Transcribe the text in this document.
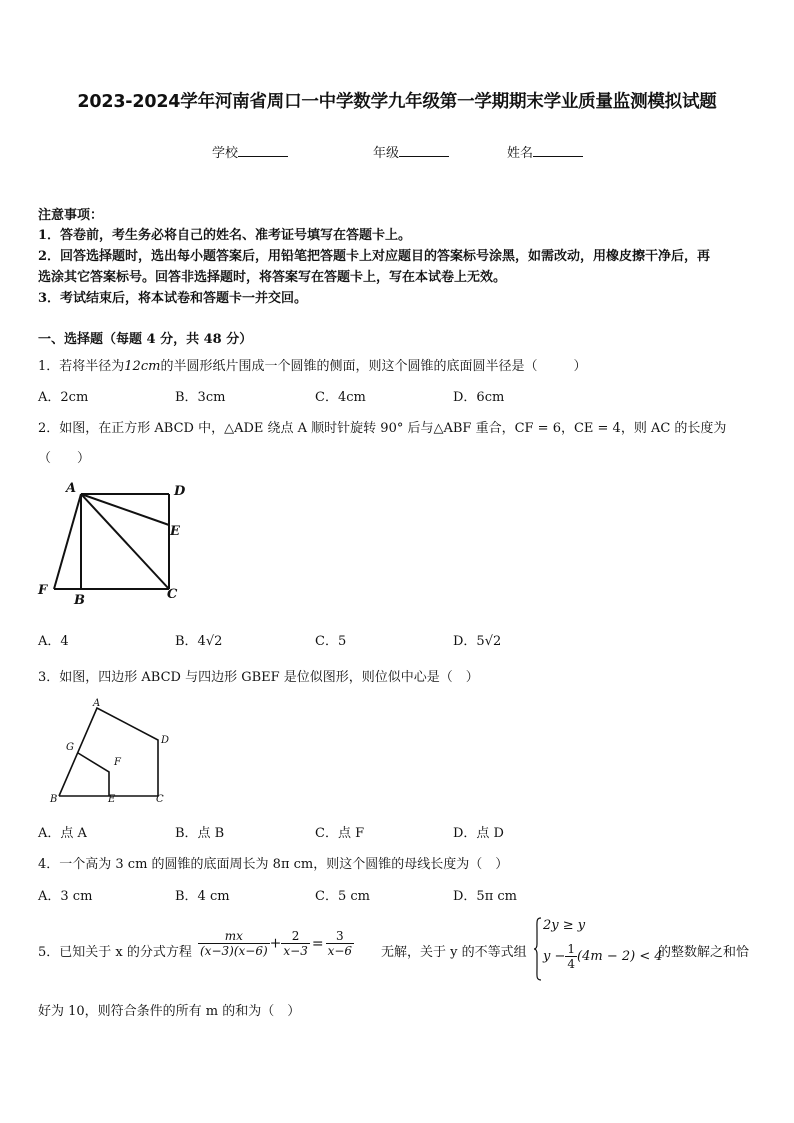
2023-2024学年河南省周口一中学数学九年级第一学期期末学业质量监测模拟试题
学校	年级	姓名
注意事项：
1．答卷前，考生务必将自己的姓名、准考证号填写在答题卡上。
2．回答选择题时，选出每小题答案后，用铅笔把答题卡上对应题目的答案标号涂黑，如需改动，用橡皮擦干净后，再
选涂其它答案标号。回答非选择题时，将答案写在答题卡上，写在本试卷上无效。
3．考试结束后，将本试卷和答题卡一并交回。
一、选择题（每题 4 分，共 48 分）
1．若将半径为12cm的半圆形纸片围成一个圆锥的侧面，则这个圆锥的底面圆半径是（	）
A．2cm	B．3cm	C．4cm	D．6cm
2．如图，在正方形 ABCD 中，△ADE 绕点 A 顺时针旋转 90° 后与△ABF 重合，CF = 6，CE = 4，则 AC 的长度为
（　　）
A	D
E
F
B	C
A．4	B．4√2	C．5	D．5√2
3．如图，四边形 ABCD 与四边形 GBEF 是位似图形，则位似中心是（　）
A
D
G
F
B	E	C
A．点 A	B．点 B	C．点 F	D．点 D
4．一个高为 3 cm 的圆锥的底面周长为 8π cm，则这个圆锥的母线长度为（　）
A．3 cm	B．4 cm	C．5 cm	D．5π cm
5．已知关于 x 的分式方程 $\frac{mx}{(x-3)(x-6)} + \frac{2}{x-3} = \frac{3}{x-6}$ 无解，关于 y 的不等式组
2y ≥ y
$y - \frac{1}{4} (4m - 2) < 4$
的整数解之和恰
好为 10，则符合条件的所有 m 的和为（　）
